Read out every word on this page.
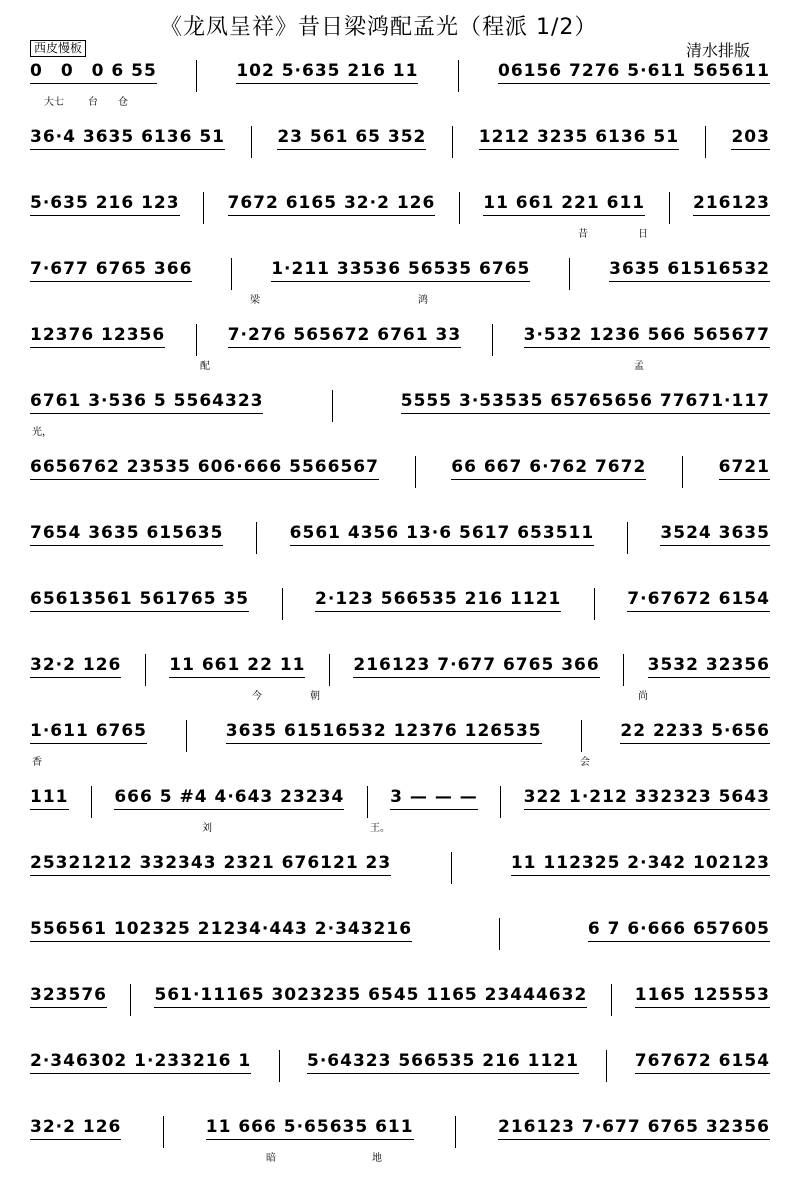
《龙凤呈祥》昔日梁鸿配孟光（程派 1/2）
清水排版
西皮慢板
0　0　0 6 55	102 5·635 216 11	06156 7276 5·611 565611
大七 台 仓
36·4 3635 6136 51	23 561 65 352	1212 3235 6136 51	203
5·635 216 123	7672 6165 32·2 126	11 661 221 611	216123
昔	日
7·677 6765 366	1·211 33536 56535 6765	3635 61516532
梁	鸿
12376 12356	7·276 565672 6761 33	3·532 1236 566 565677
配	孟
6761 3·536 5 5564323	5555 3·53535 65765656 77671·117
光，
6656762 23535 606·666 5566567	66 667 6·762 7672	6721
7654 3635 615635	6561 4356 13·6 5617 653511	3524 3635
65613561 561765 35	2·123 566535 216 1121	7·67672 6154
32·2 126	11 661 22 11	216123 7·677 6765 366	3532 32356
今	朝	尚
1·611 6765	3635 61516532 12376 126535	22 2233 5·656
香	会
111	666 5 #4 4·643 23234	3 — — —	322 1·212 332323 5643
刘	王。
25321212 332343 2321 676121 23	11 112325 2·342 102123
556561 102325 21234·443 2·343216	6 7 6·666 657605
323576	561·11165 3023235 6545 1165 23444632	1165 125553
2·346302 1·233216 1	5·64323 566535 216 1121	767672 6154
32·2 126	11 666 5·65635 611	216123 7·677 6765 32356
暗	地
